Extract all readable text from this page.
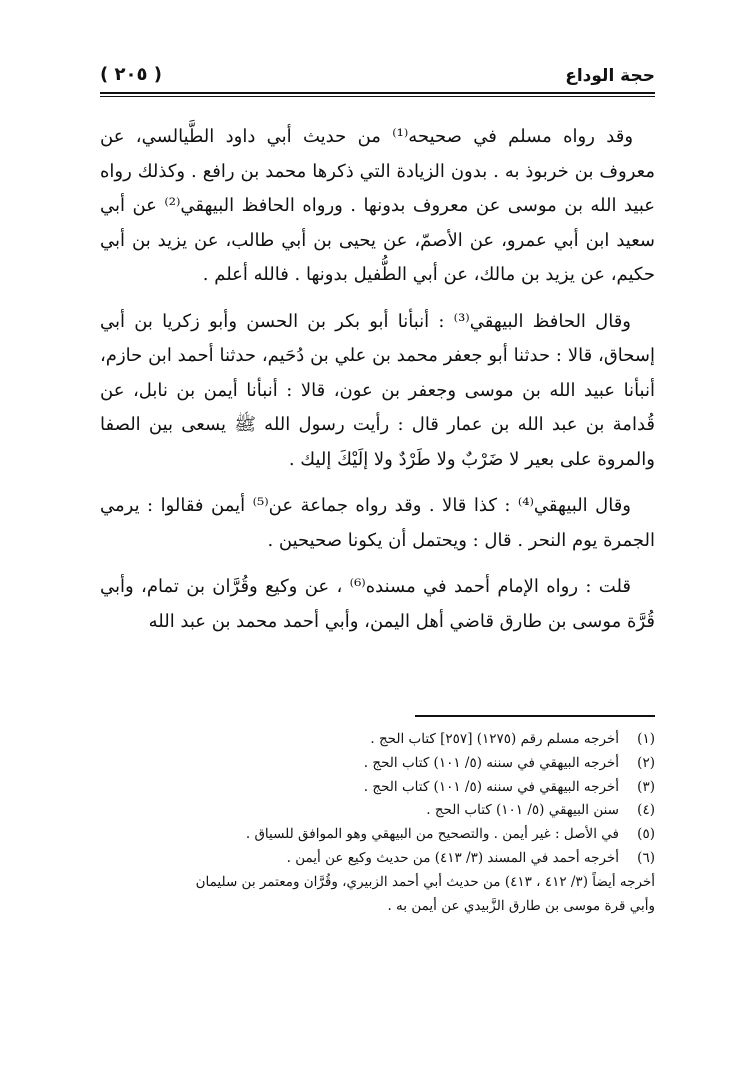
حجة الوداع
( ٢٠٥ )

وقد رواه مسلم في صحيحه⁽¹⁾ من حديث أبي داود الطَّيالسي، عن معروف بن خربوذ به . بدون الزيادة التي ذكرها محمد بن رافع . وكذلك رواه عبيد الله بن موسى عن معروف بدونها . ورواه الحافظ البيهقي⁽²⁾ عن أبي سعيد ابن أبي عمرو، عن الأصمّ، عن يحيى بن أبي طالب، عن يزيد بن أبي حكيم، عن يزيد بن مالك، عن أبي الطُّفيل بدونها . فالله أعلم .

وقال الحافظ البيهقي⁽³⁾ : أنبأنا أبو بكر بن الحسن وأبو زكريا بن أبي إسحاق، قالا : حدثنا أبو جعفر محمد بن علي بن دُحَيم، حدثنا أحمد ابن حازم، أنبأنا عبيد الله بن موسى وجعفر بن عون، قالا : أنبأنا أيمن بن نابل، عن قُدامة بن عبد الله بن عمار قال : رأيت رسول الله ﷺ يسعى بين الصفا والمروة على بعير لا ضَرْبٌ ولا طَرْدٌ ولا إلَيْكَ إليك .

وقال البيهقي⁽⁴⁾ : كذا قالا . وقد رواه جماعة عن⁽⁵⁾ أيمن فقالوا : يرمي الجمرة يوم النحر . قال : ويحتمل أن يكونا صحيحين .

قلت : رواه الإمام أحمد في مسنده⁽⁶⁾ ، عن وكيع وقُرَّان بن تمام، وأبي قُرَّة موسى بن طارق قاضي أهل اليمن، وأبي أحمد محمد بن عبد الله

(١)
أخرجه مسلم رقم (١٢٧٥) [٢٥٧] كتاب الحج .
(٢)
أخرجه البيهقي في سننه (٥/ ١٠١) كتاب الحج .
(٣)
أخرجه البيهقي في سننه (٥/ ١٠١) كتاب الحج .
(٤)
سنن البيهقي (٥/ ١٠١) كتاب الحج .
(٥)
في الأصل : غير أيمن . والتصحيح من البيهقي وهو الموافق للسياق .
(٦)
أخرجه أحمد في المسند (٣/ ٤١٣) من حديث وكيع عن أيمن .
أخرجه أيضاً (٣/ ٤١٢ ، ٤١٣) من حديث أبي أحمد الزبيري، وقُرَّان ومعتمر بن سليمان
وأبي قرة موسى بن طارق الزَّبيدي عن أيمن به .
